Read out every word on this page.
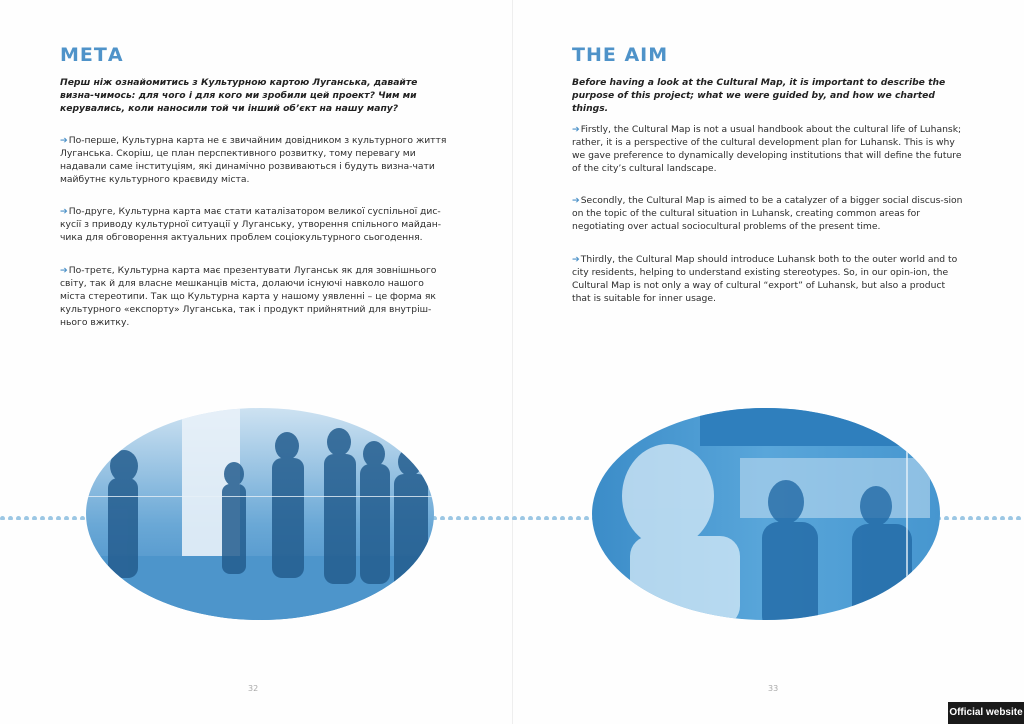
МЕТА

Перш ніж ознайомитись з Культурною картою Луганська, давайте визна-чимось: для чого і для кого ми зробили цей проект? Чим ми керувались, коли наносили той чи інший об’єкт на нашу мапу?

➔По-перше, Культурна карта не є звичайним довідником з культурного життя Луганська. Скоріш, це план перспективного розвитку, тому перевагу ми надавали саме інституціям, які динамічно розвиваються і будуть визна-чати майбутнє культурного краєвиду міста.

➔По-друге, Культурна карта має стати каталізатором великої суспільної дис-кусії з приводу культурної ситуації у Луганську, утворення спільного майдан-чика для обговорення актуальних проблем соціокультурного сьогодення.

➔По-третє, Культурна карта має презентувати Луганськ як для зовнішнього світу, так й для власне мешканців міста, долаючи існуючі навколо нашого міста стереотипи. Так що Культурна карта у нашому уявленні – це форма як культурного «експорту» Луганська, так і продукт прийнятний для внутріш-нього вжитку.

32
THE AIM

Before having a look at the Cultural Map, it is important to describe the purpose of this project; what we were guided by, and how we charted things.

➔Firstly, the Cultural Map is not a usual handbook about the cultural life of Luhansk; rather, it is a perspective of the cultural development plan for Luhansk. This is why we gave preference to dynamically developing institutions that will define the future of the city’s cultural landscape.

➔Secondly, the Cultural Map is aimed to be a catalyzer of a bigger social discus-sion on the topic of the cultural situation in Luhansk, creating common areas for negotiating over actual sociocultural problems of the present time.

➔Thirdly, the Cultural Map should introduce Luhansk both to the outer world and to city residents, helping to understand existing stereotypes. So, in our opin-ion, the Cultural Map is not only a way of cultural “export” of Luhansk, but also a product that is suitable for inner usage.

33
Official website
